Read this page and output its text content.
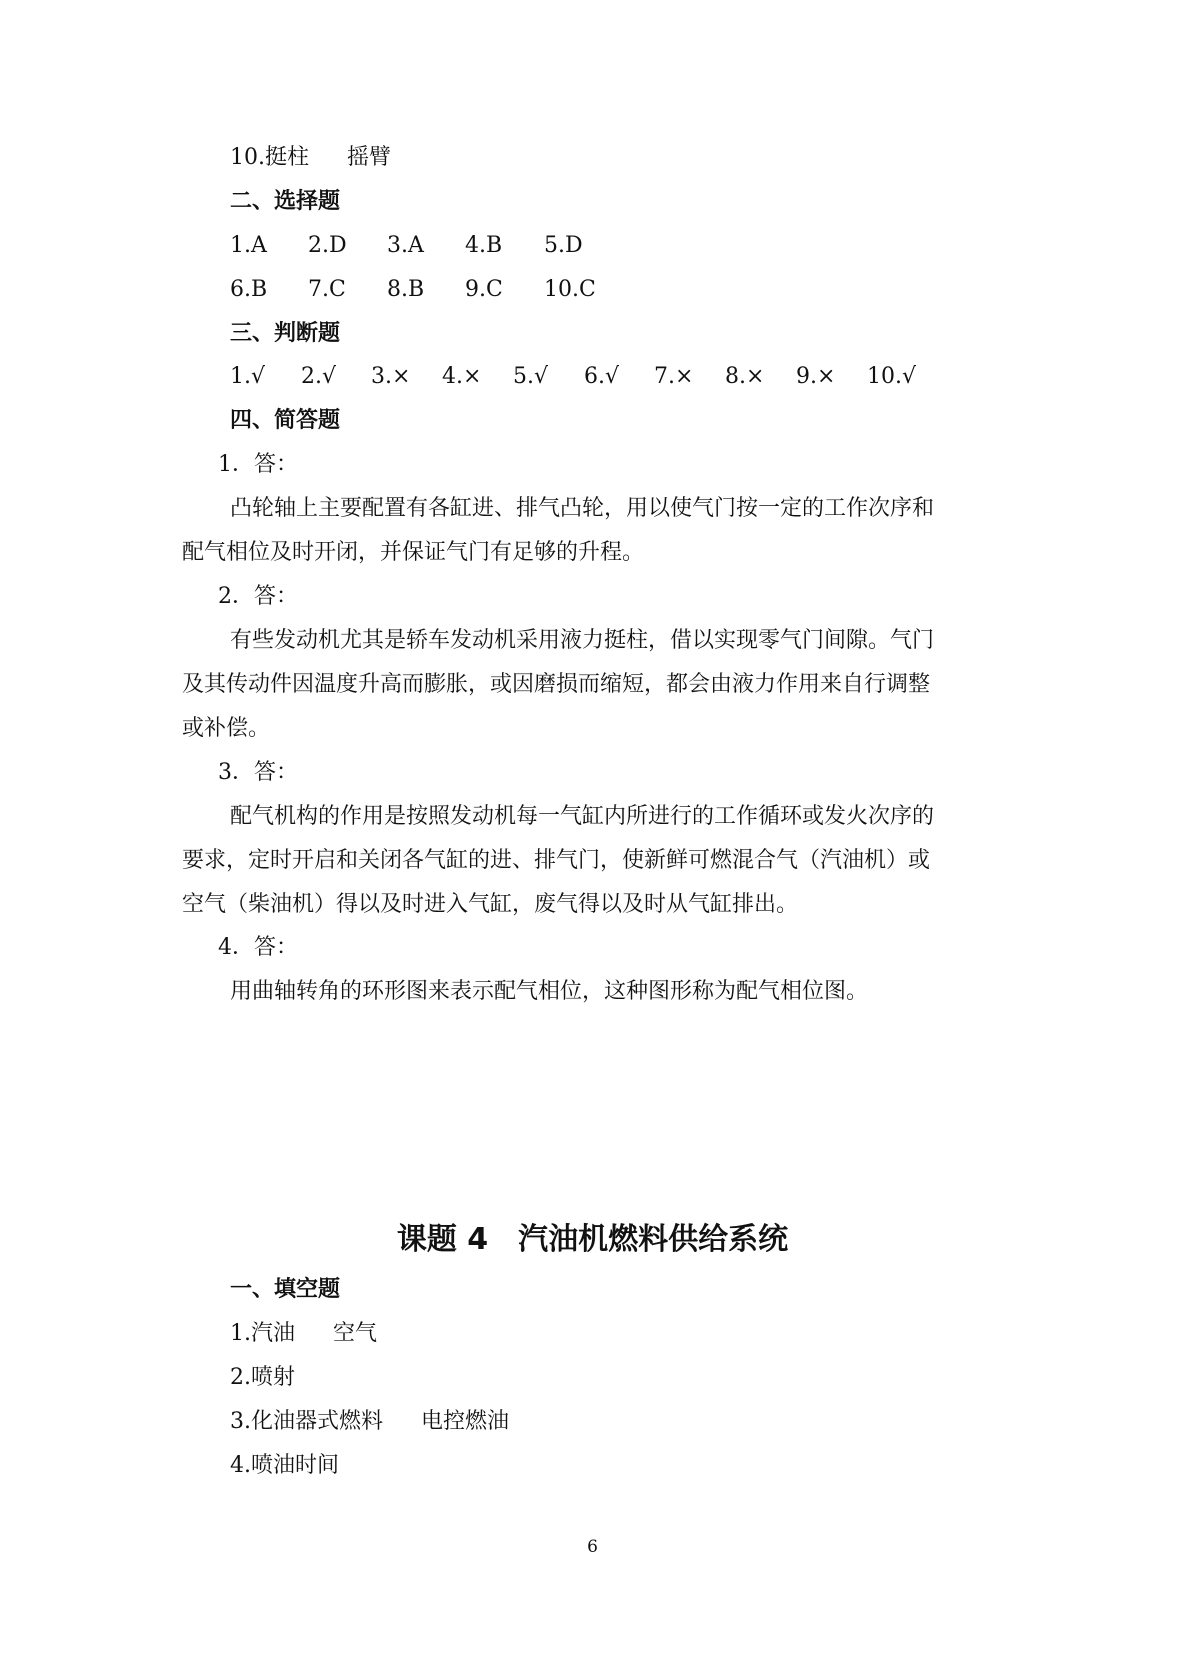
10.挺柱 摇臂
二、选择题
1.A 2.D 3.A 4.B 5.D
6.B 7.C 8.B 9.C 10.C
三、判断题
1.√ 2.√ 3.× 4.× 5.√ 6.√ 7.× 8.× 9.× 10.√
四、简答题
1．答：
凸轮轴上主要配置有各缸进、排气凸轮，用以使气门按一定的工作次序和
配气相位及时开闭，并保证气门有足够的升程。
2．答：
有些发动机尤其是轿车发动机采用液力挺柱，借以实现零气门间隙。气门
及其传动件因温度升高而膨胀，或因磨损而缩短，都会由液力作用来自行调整
或补偿。
3．答：
配气机构的作用是按照发动机每一气缸内所进行的工作循环或发火次序的
要求，定时开启和关闭各气缸的进、排气门，使新鲜可燃混合气（汽油机）或
空气（柴油机）得以及时进入气缸，废气得以及时从气缸排出。
4．答：
用曲轴转角的环形图来表示配气相位，这种图形称为配气相位图。
课题 4　汽油机燃料供给系统
一、填空题
1.汽油 空气
2.喷射
3.化油器式燃料 电控燃油
4.喷油时间
6
